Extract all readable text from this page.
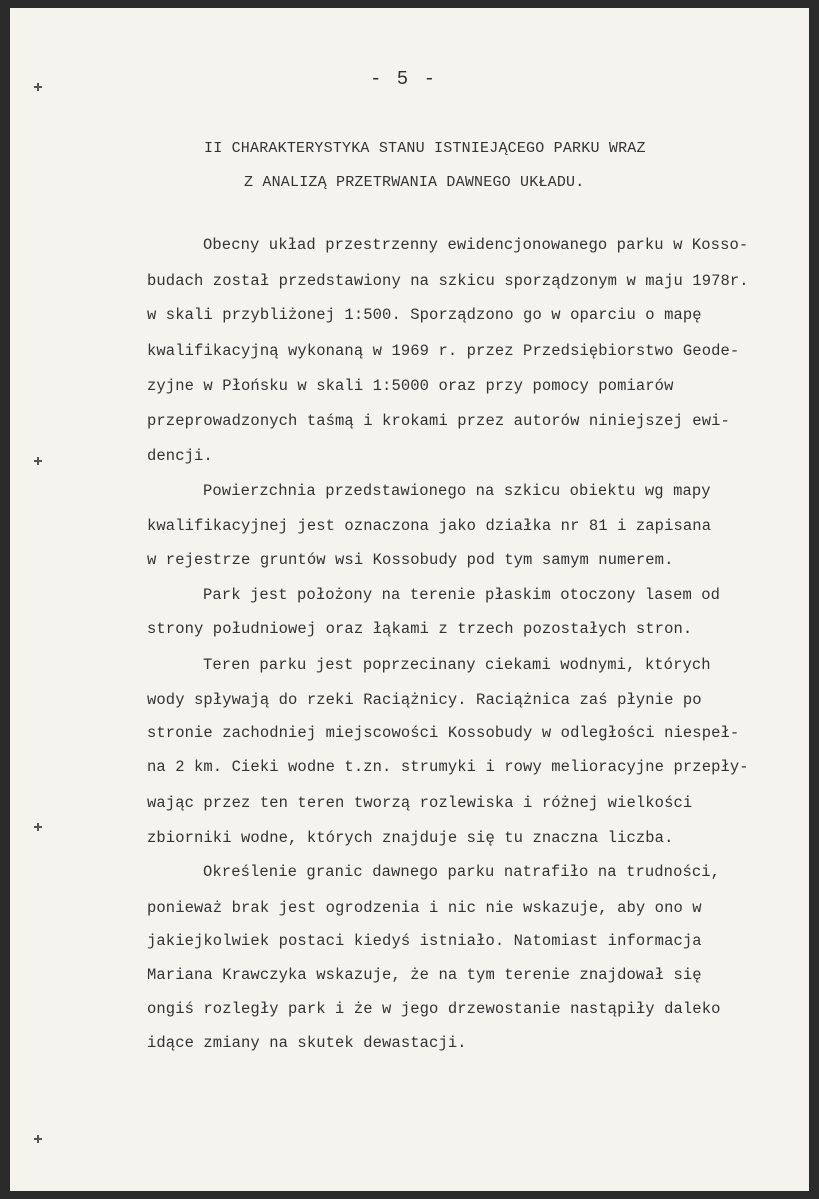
- 5 -
II CHARAKTERYSTYKA STANU ISTNIEJĄCEGO PARKU WRAZ
Z ANALIZĄ PRZETRWANIA DAWNEGO UKŁADU.
Obecny układ przestrzenny ewidencjonowanego parku w Kosso-
budach został przedstawiony na szkicu sporządzonym w maju 1978r.
w skali przybliżonej 1:500. Sporządzono go w oparciu o mapę
kwalifikacyjną wykonaną w 1969 r. przez Przedsiębiorstwo Geode-
zyjne w Płońsku w skali 1:5000 oraz przy pomocy pomiarów
przeprowadzonych taśmą i krokami przez autorów niniejszej ewi-
dencji.
Powierzchnia przedstawionego na szkicu obiektu wg mapy
kwalifikacyjnej jest oznaczona jako działka nr 81 i zapisana
w rejestrze gruntów wsi Kossobudy pod tym samym numerem.
Park jest położony na terenie płaskim otoczony lasem od
strony południowej oraz łąkami z trzech pozostałych stron.
Teren parku jest poprzecinany ciekami wodnymi, których
wody spływają do rzeki Raciążnicy. Raciążnica zaś płynie po
stronie zachodniej miejscowości Kossobudy w odległości niespeł-
na 2 km. Cieki wodne t.zn. strumyki i rowy melioracyjne przepły-
wając przez ten teren tworzą rozlewiska i różnej wielkości
zbiorniki wodne, których znajduje się tu znaczna liczba.
Określenie granic dawnego parku natrafiło na trudności,
ponieważ brak jest ogrodzenia i nic nie wskazuje, aby ono w
jakiejkolwiek postaci kiedyś istniało. Natomiast informacja
Mariana Krawczyka wskazuje, że na tym terenie znajdował się
ongiś rozległy park i że w jego drzewostanie nastąpiły daleko
idące zmiany na skutek dewastacji.
